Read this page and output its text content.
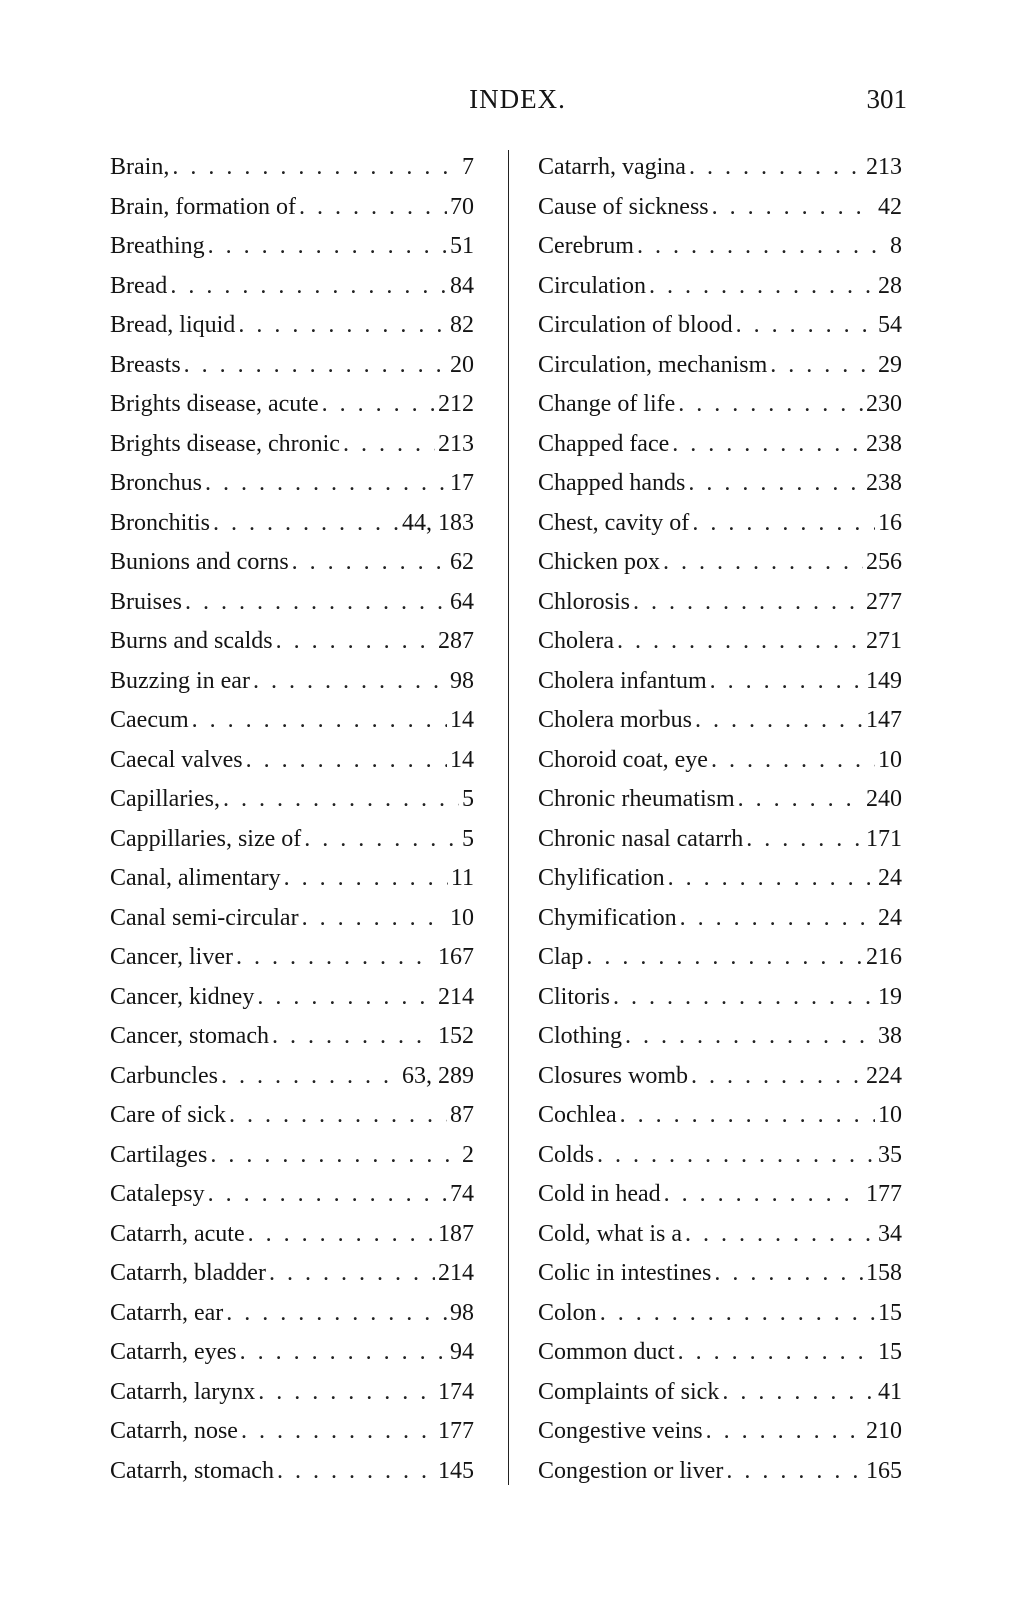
INDEX.	301
Brain, . . .	7
Brain, formation of . . .	70
Breathing . . .	51
Bread . . .	84
Bread, liquid . . .	82
Breasts . . .	20
Brights disease, acute . . .	212
Brights disease, chronic . . .	213
Bronchus . . .	17
Bronchitis . . .	44, 183
Bunions and corns . . .	62
Bruises . . .	64
Burns and scalds . . .	287
Buzzing in ear . . .	98
Caecum . . .	14
Caecal valves . . .	14
Capillaries, . . .	5
Cappillaries, size of . . .	5
Canal, alimentary . . .	11
Canal semi-circular . . .	10
Cancer, liver . . .	167
Cancer, kidney . . .	214
Cancer, stomach . . .	152
Carbuncles . . .	63, 289
Care of sick . . .	87
Cartilages . . .	2
Catalepsy . . .	74
Catarrh, acute . . .	187
Catarrh, bladder . . .	214
Catarrh, ear . . .	98
Catarrh, eyes . . .	94
Catarrh, larynx . . .	174
Catarrh, nose . . .	177
Catarrh, stomach . . .	145
Catarrh, vagina . . .	213
Cause of sickness . . .	42
Cerebrum . . .	8
Circulation . . .	28
Circulation of blood . . .	54
Circulation, mechanism . . .	29
Change of life . . .	230
Chapped face . . .	238
Chapped hands . . .	238
Chest, cavity of . . .	16
Chicken pox . . .	256
Chlorosis . . .	277
Cholera . . .	271
Cholera infantum . . .	149
Cholera morbus . . .	147
Choroid coat, eye . . .	10
Chronic rheumatism . . .	240
Chronic nasal catarrh . . .	171
Chylification . . .	24
Chymification . . .	24
Clap . . .	216
Clitoris . . .	19
Clothing . . .	38
Closures womb . . .	224
Cochlea . . .	10
Colds . . .	35
Cold in head . . .	177
Cold, what is a . . .	34
Colic in intestines . . .	158
Colon . . .	15
Common duct . . .	15
Complaints of sick . . .	41
Congestive veins . . .	210
Congestion or liver . . .	165
